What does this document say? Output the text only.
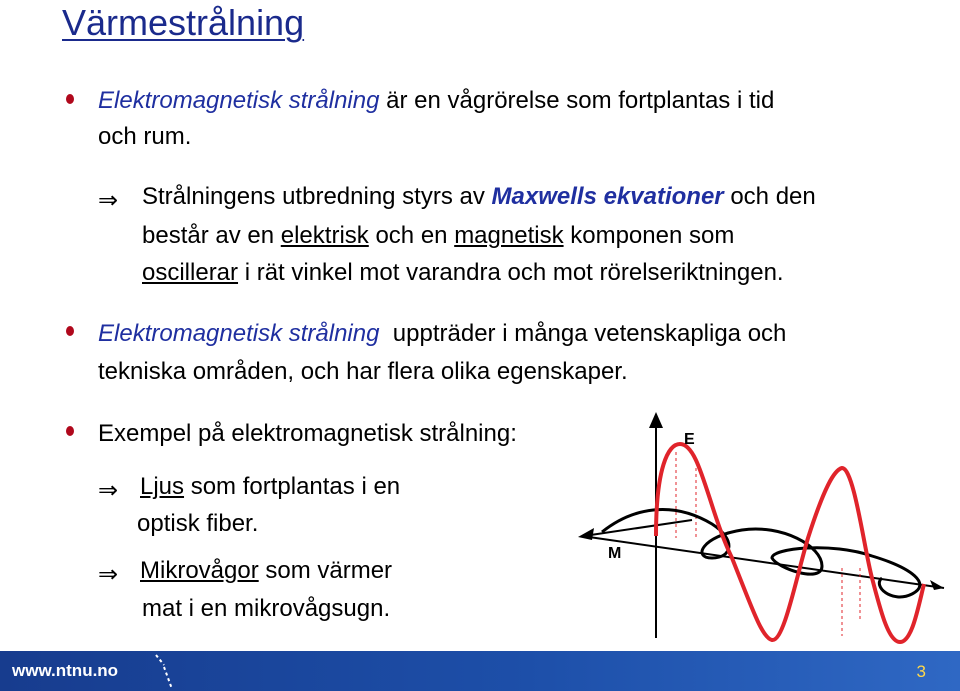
Värmestrålning
Elektromagnetisk strålning är en vågrörelse som fortplantas i tid
och rum.
⇒ Strålningens utbredning styrs av Maxwells ekvationer och den
består av en elektrisk och en magnetisk komponen som
oscillerar i rät vinkel mot varandra och mot rörelseriktningen.
Elektromagnetisk strålning  uppträder i många vetenskapliga och
tekniska områden, och har flera olika egenskaper.
Exempel på elektromagnetisk strålning:
⇒ Ljus som fortplantas i en
optisk fiber.
⇒ Mikrovågor som värmer
mat i en mikrovågsugn.
E
M
www.ntnu.no	3
